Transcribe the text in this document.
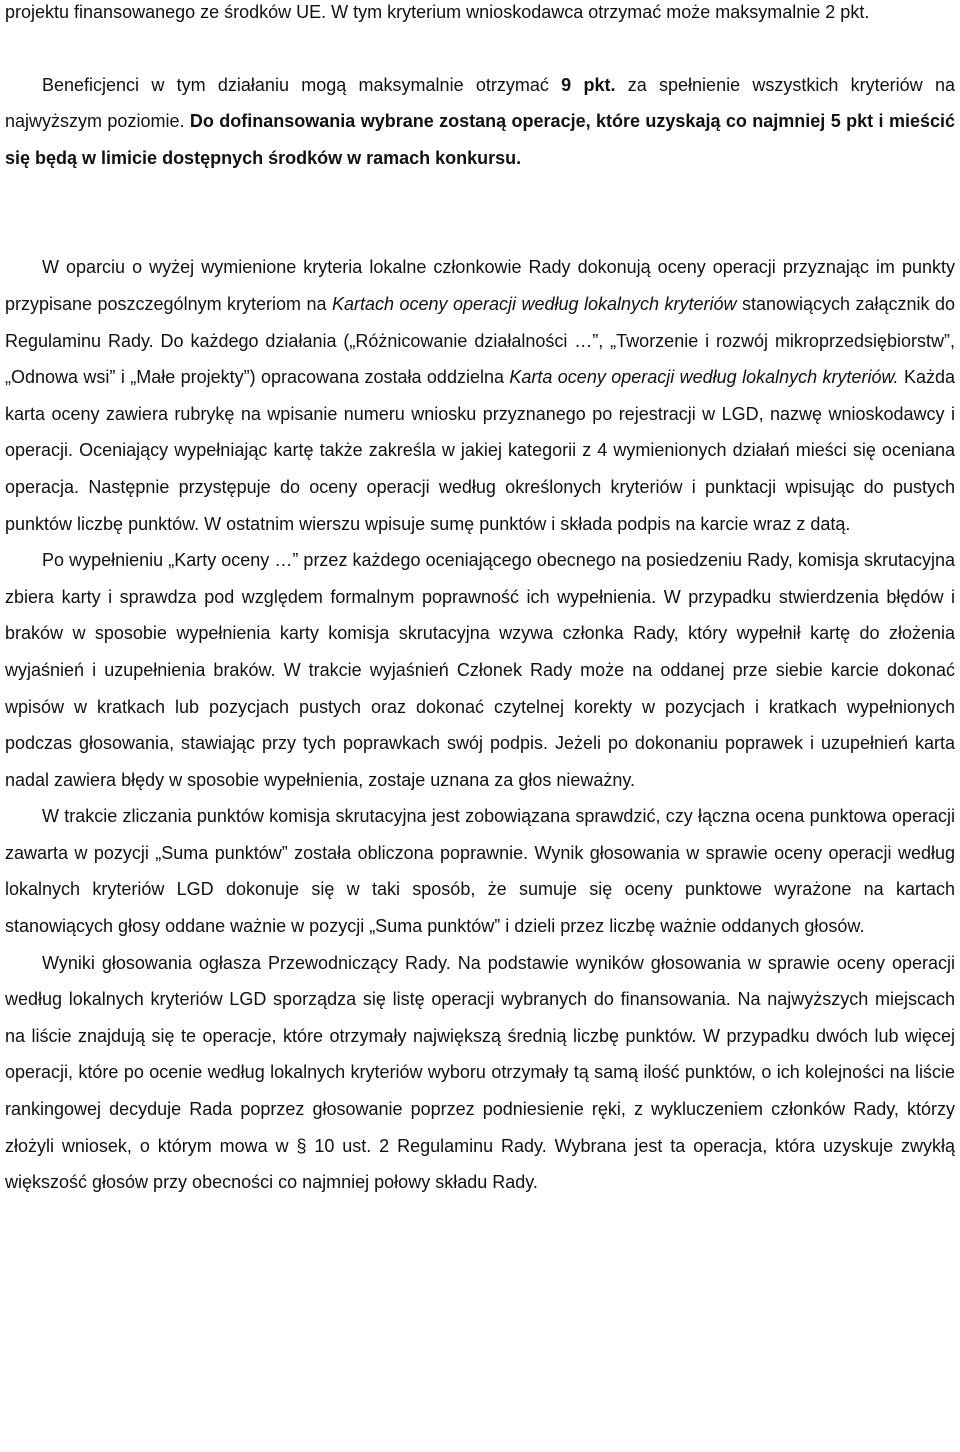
projektu finansowanego ze środków UE. W tym kryterium wnioskodawca otrzymać może maksymalnie 2 pkt.

Beneficjenci w tym działaniu mogą maksymalnie otrzymać 9 pkt. za spełnienie wszystkich kryteriów na najwyższym poziomie. Do dofinansowania wybrane zostaną operacje, które uzyskają co najmniej 5 pkt i mieścić się będą w limicie dostępnych środków w ramach konkursu.

W oparciu o wyżej wymienione kryteria lokalne członkowie Rady dokonują oceny operacji przyznając im punkty przypisane poszczególnym kryteriom na Kartach oceny operacji według lokalnych kryteriów stanowiących załącznik do Regulaminu Rady. Do każdego działania („Różnicowanie działalności …”, „Tworzenie i rozwój mikroprzedsiębiorstw”, „Odnowa wsi” i „Małe projekty”) opracowana została oddzielna Karta oceny operacji według lokalnych kryteriów. Każda karta oceny zawiera rubrykę na wpisanie numeru wniosku przyznanego po rejestracji w LGD, nazwę wnioskodawcy i operacji. Oceniający wypełniając kartę także zakreśla w jakiej kategorii z 4 wymienionych działań mieści się oceniana operacja. Następnie przystępuje do oceny operacji według określonych kryteriów i punktacji wpisując do pustych punktów liczbę punktów. W ostatnim wierszu wpisuje sumę punktów i składa podpis na karcie wraz z datą.

Po wypełnieniu „Karty oceny …” przez każdego oceniającego obecnego na posiedzeniu Rady, komisja skrutacyjna zbiera karty i sprawdza pod względem formalnym poprawność ich wypełnienia. W przypadku stwierdzenia błędów i braków w sposobie wypełnienia karty komisja skrutacyjna wzywa członka Rady, który wypełnił kartę do złożenia wyjaśnień i uzupełnienia braków. W trakcie wyjaśnień Członek Rady może na oddanej prze siebie karcie dokonać wpisów w kratkach lub pozycjach pustych oraz dokonać czytelnej korekty w pozycjach i kratkach wypełnionych podczas głosowania, stawiając przy tych poprawkach swój podpis. Jeżeli po dokonaniu poprawek i uzupełnień karta nadal zawiera błędy w sposobie wypełnienia, zostaje uznana za głos nieważny.

W trakcie zliczania punktów komisja skrutacyjna jest zobowiązana sprawdzić, czy łączna ocena punktowa operacji zawarta w pozycji „Suma punktów” została obliczona poprawnie. Wynik głosowania w sprawie oceny operacji według lokalnych kryteriów LGD dokonuje się w taki sposób, że sumuje się oceny punktowe wyrażone na kartach stanowiących głosy oddane ważnie w pozycji „Suma punktów” i dzieli przez liczbę ważnie oddanych głosów.

Wyniki głosowania ogłasza Przewodniczący Rady. Na podstawie wyników głosowania w sprawie oceny operacji według lokalnych kryteriów LGD sporządza się listę operacji wybranych do finansowania. Na najwyższych miejscach na liście znajdują się te operacje, które otrzymały największą średnią liczbę punktów. W przypadku dwóch lub więcej operacji, które po ocenie według lokalnych kryteriów wyboru otrzymały tą samą ilość punktów, o ich kolejności na liście rankingowej decyduje Rada poprzez głosowanie poprzez podniesienie ręki, z wykluczeniem członków Rady, którzy złożyli wniosek, o którym mowa w § 10 ust. 2 Regulaminu Rady. Wybrana jest ta operacja, która uzyskuje zwykłą większość głosów przy obecności co najmniej połowy składu Rady.
